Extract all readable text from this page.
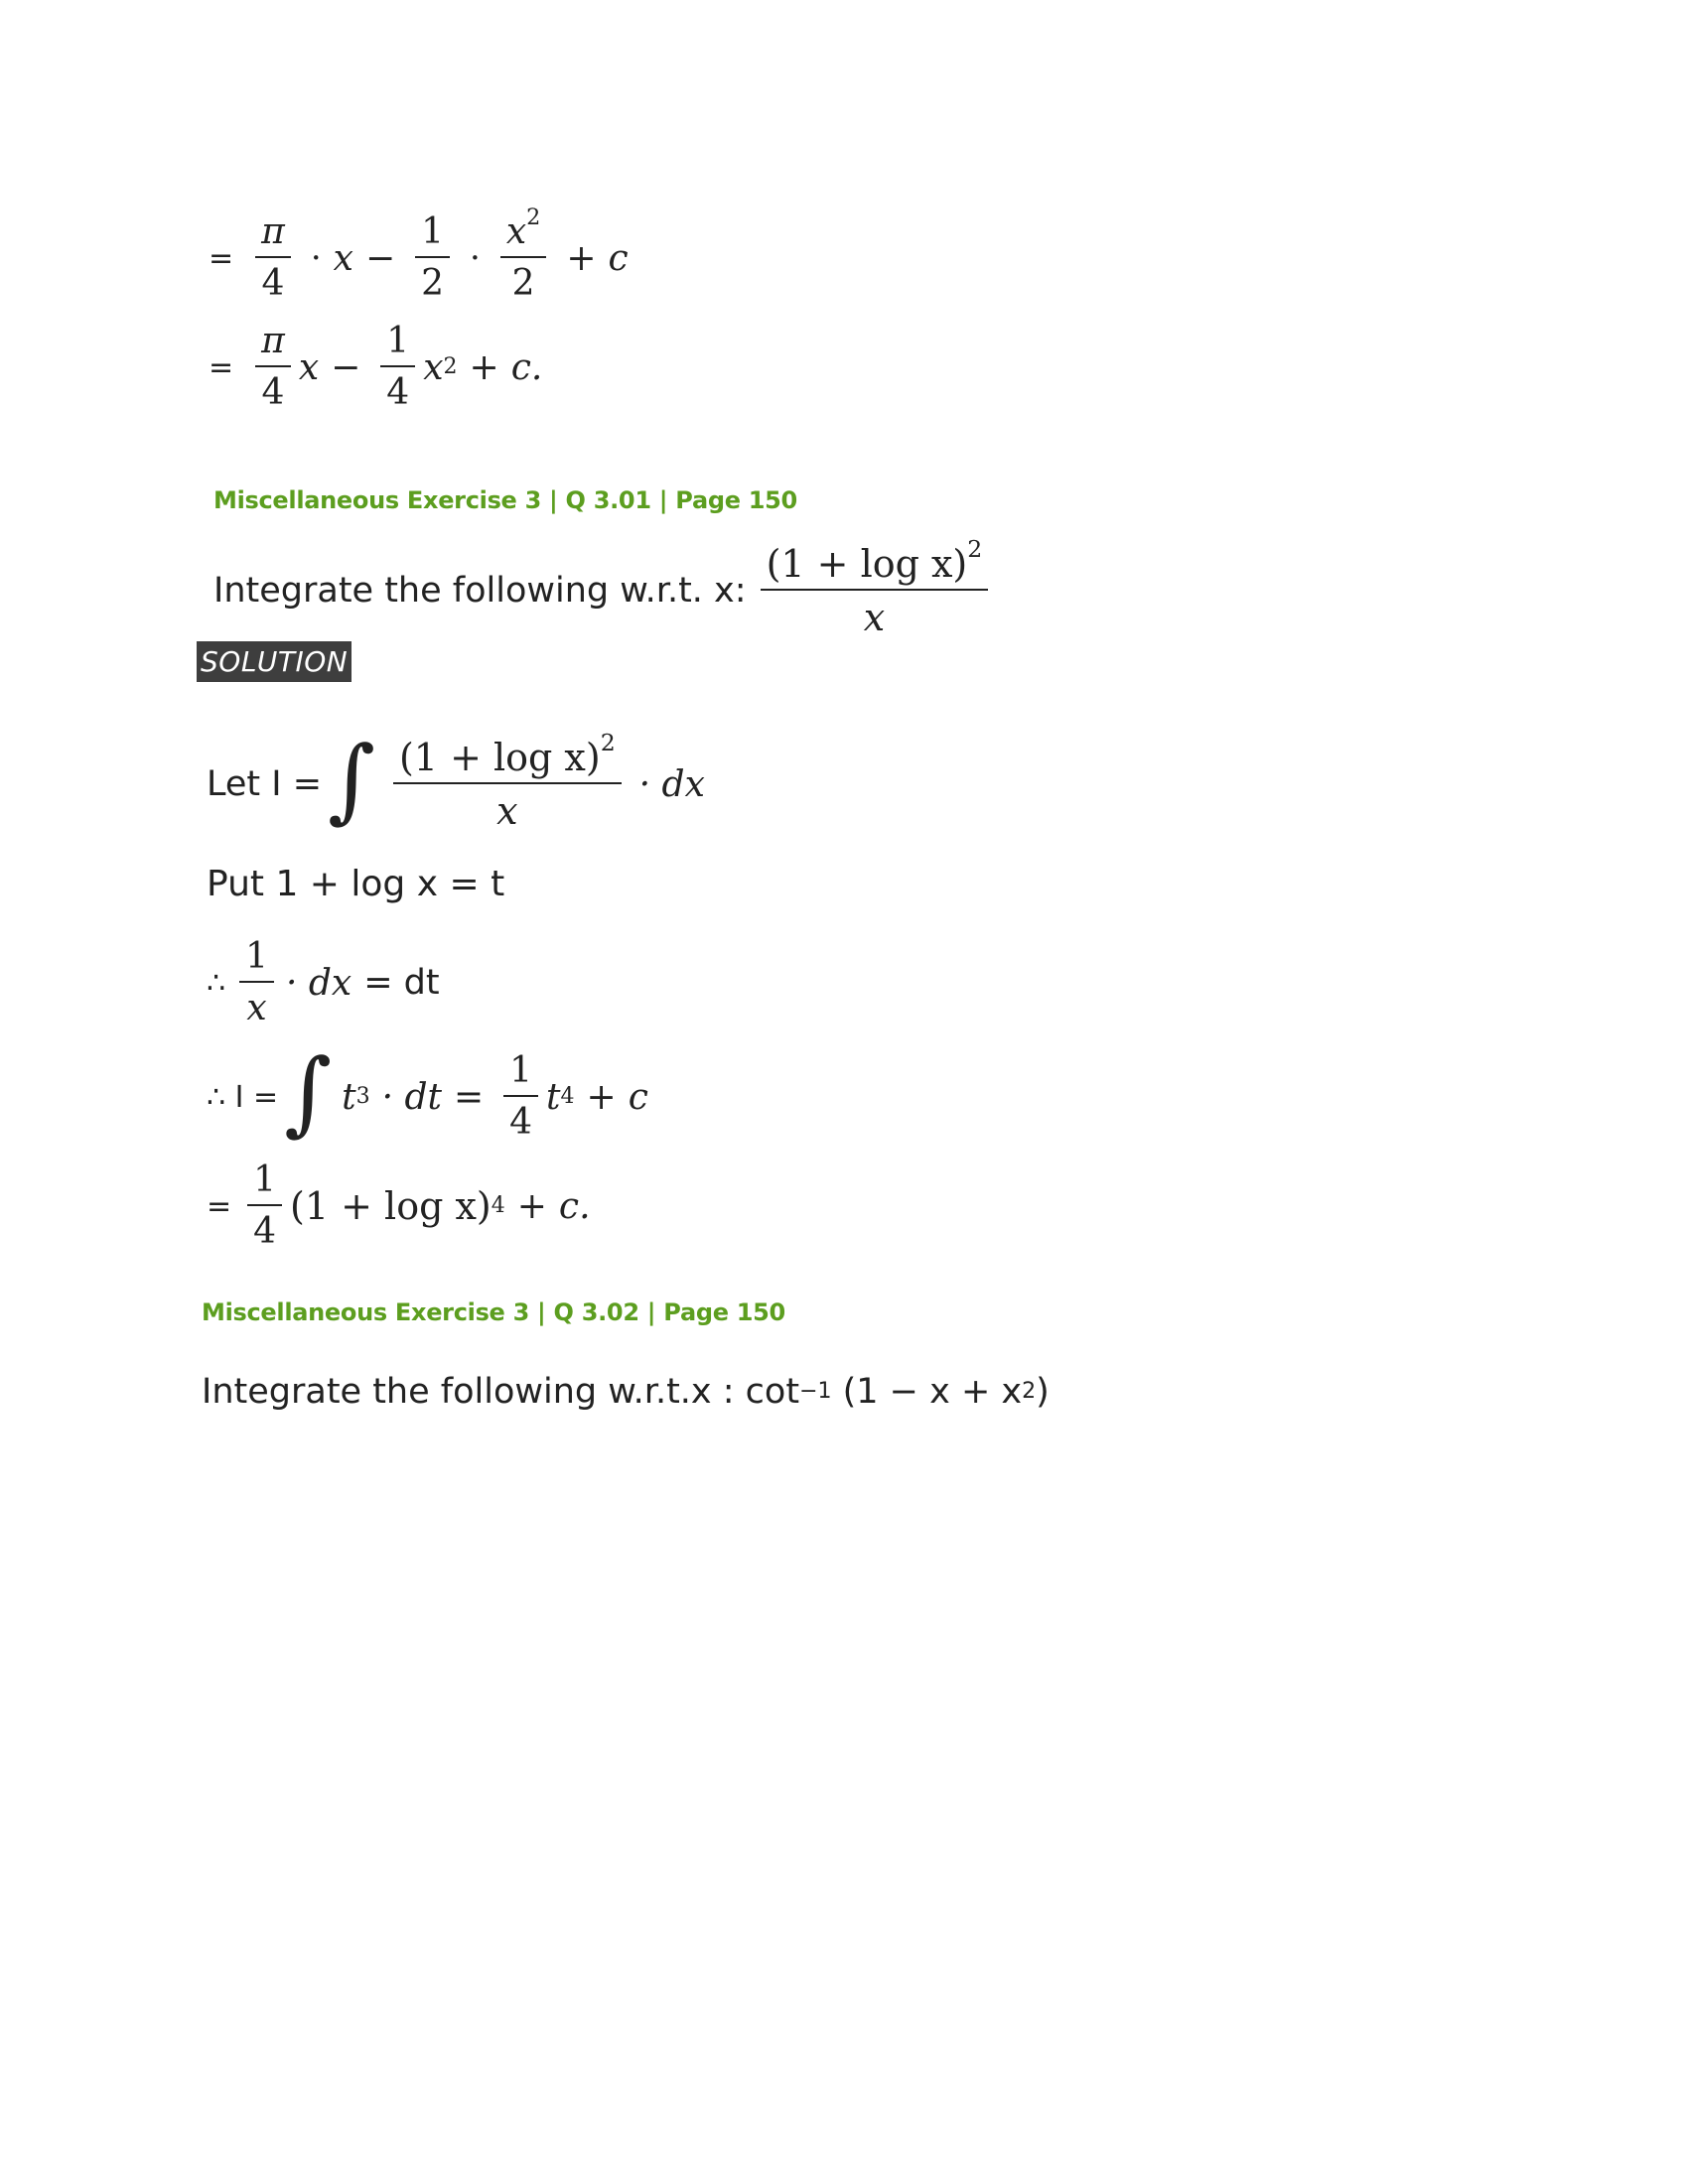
= $\frac{\pi}{4} \cdot x - \frac{1}{2} \cdot \frac{x^2}{2} + c$
= $\frac{\pi}{4}$ $x - \frac{1}{4}$ x 2 + c.
Miscellaneous Exercise 3 | Q 3.01 | Page 150
Integrate the following w.r.t. x: $\frac{(1 + \log x)^2}{x}$
SOLUTION
Let I = ∫ $\frac{(1 + \log x)^2}{x}$ · dx
Put 1 + log x = t
∴ $\frac{1}{x}$ · dx = dt
∴ I = ∫ t 3 · dt = $\frac{1}{4}$ t 4 + c
= $\frac{1}{4} (1 + \log x) 4 + c$.
Miscellaneous Exercise 3 | Q 3.02 | Page 150
Integrate the following w.r.t.x : cot −1 (1 − x + x 2 )
